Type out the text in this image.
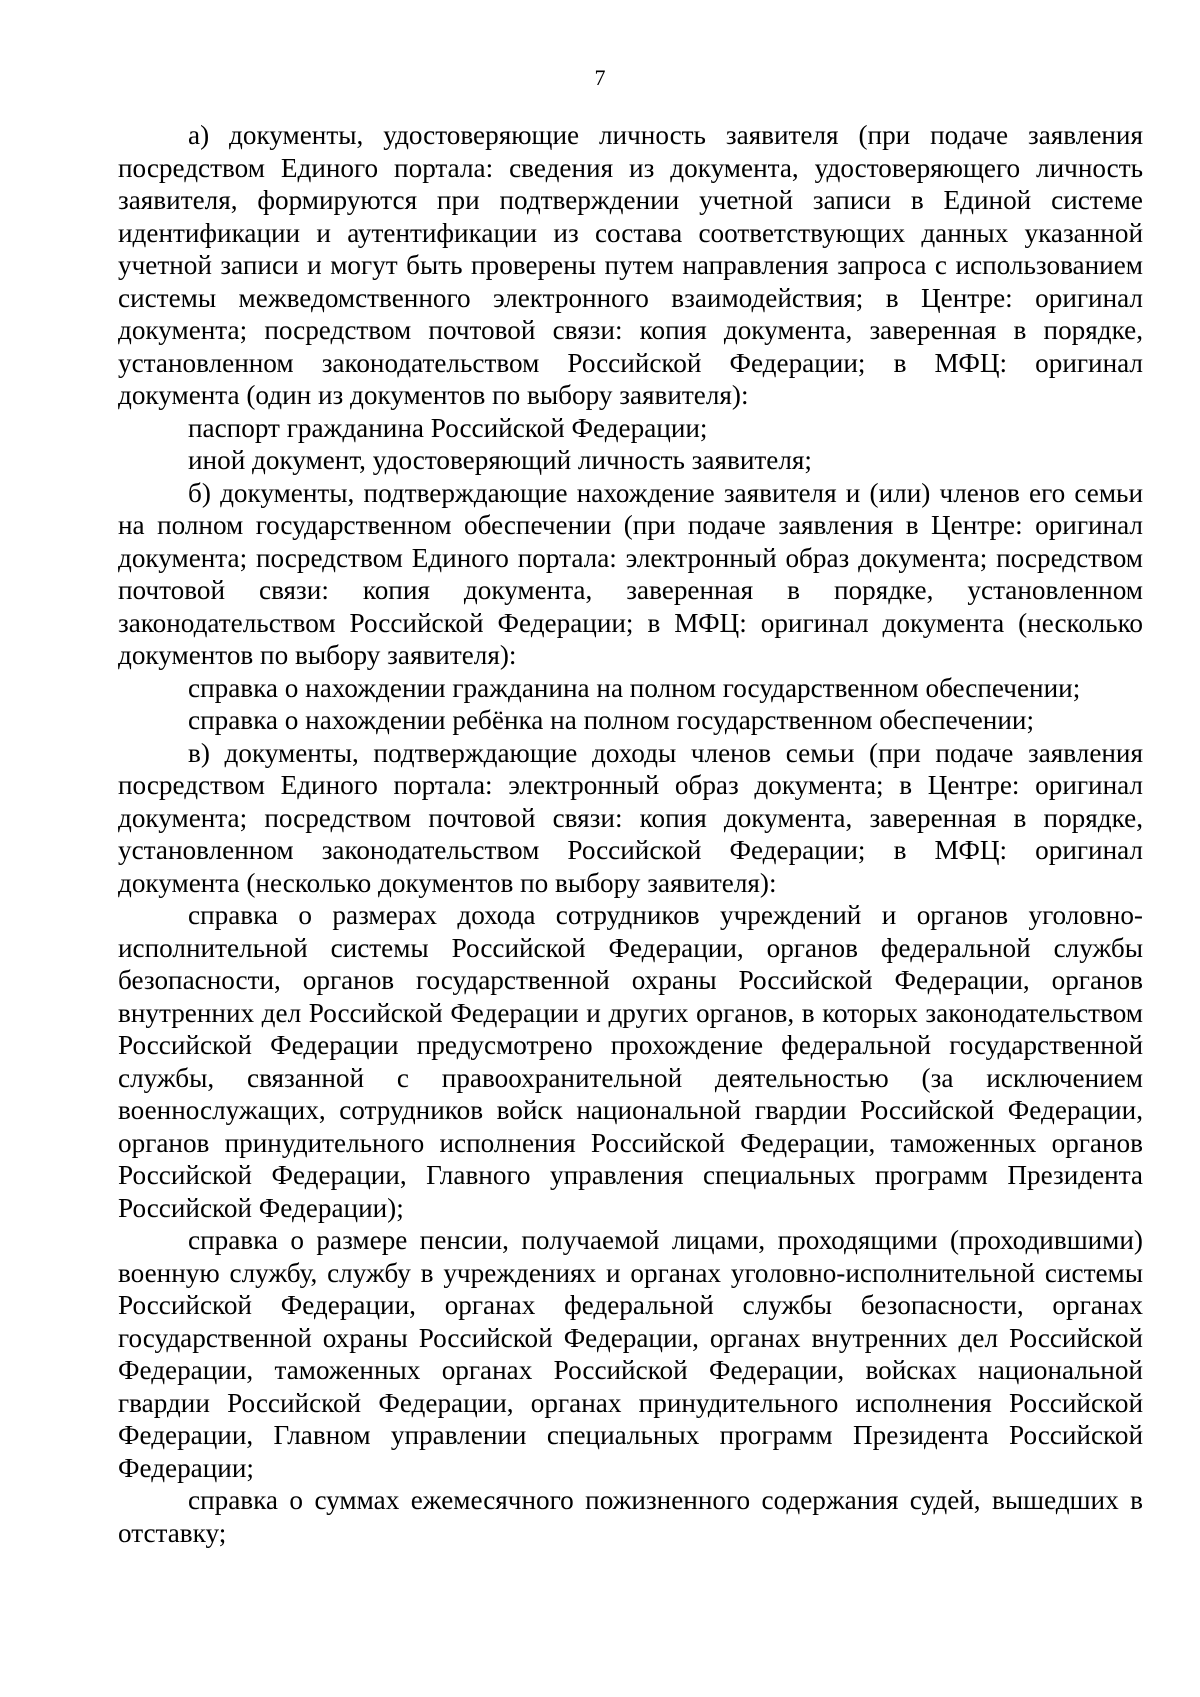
7

а) документы, удостоверяющие личность заявителя (при подаче заявления посредством Единого портала: сведения из документа, удостоверяющего личность заявителя, формируются при подтверждении учетной записи в Единой системе идентификации и аутентификации из состава соответствующих данных указанной учетной записи и могут быть проверены путем направления запроса с использованием системы межведомственного электронного взаимодействия; в Центре: оригинал документа; посредством почтовой связи: копия документа, заверенная в порядке, установленном законодательством Российской Федерации; в МФЦ: оригинал документа (один из документов по выбору заявителя):

паспорт гражданина Российской Федерации;

иной документ, удостоверяющий личность заявителя;

б) документы, подтверждающие нахождение заявителя и (или) членов его семьи на полном государственном обеспечении (при подаче заявления в Центре: оригинал документа; посредством Единого портала: электронный образ документа; посредством почтовой связи: копия документа, заверенная в порядке, установленном законодательством Российской Федерации; в МФЦ: оригинал документа (несколько документов по выбору заявителя):

справка о нахождении гражданина на полном государственном обеспечении;

справка о нахождении ребёнка на полном государственном обеспечении;

в) документы, подтверждающие доходы членов семьи (при подаче заявления посредством Единого портала: электронный образ документа; в Центре: оригинал документа; посредством почтовой связи: копия документа, заверенная в порядке, установленном законодательством Российской Федерации; в МФЦ: оригинал документа (несколько документов по выбору заявителя):

справка о размерах дохода сотрудников учреждений и органов уголовно-исполнительной системы Российской Федерации, органов федеральной службы безопасности, органов государственной охраны Российской Федерации, органов внутренних дел Российской Федерации и других органов, в которых законодательством Российской Федерации предусмотрено прохождение федеральной государственной службы, связанной с правоохранительной деятельностью (за исключением военнослужащих, сотрудников войск национальной гвардии Российской Федерации, органов принудительного исполнения Российской Федерации, таможенных органов Российской Федерации, Главного управления специальных программ Президента Российской Федерации);

справка о размере пенсии, получаемой лицами, проходящими (проходившими) военную службу, службу в учреждениях и органах уголовно-исполнительной системы Российской Федерации, органах федеральной службы безопасности, органах государственной охраны Российской Федерации, органах внутренних дел Российской Федерации, таможенных органах Российской Федерации, войсках национальной гвардии Российской Федерации, органах принудительного исполнения Российской Федерации, Главном управлении специальных программ Президента Российской Федерации;

справка о суммах ежемесячного пожизненного содержания судей, вышедших в отставку;
